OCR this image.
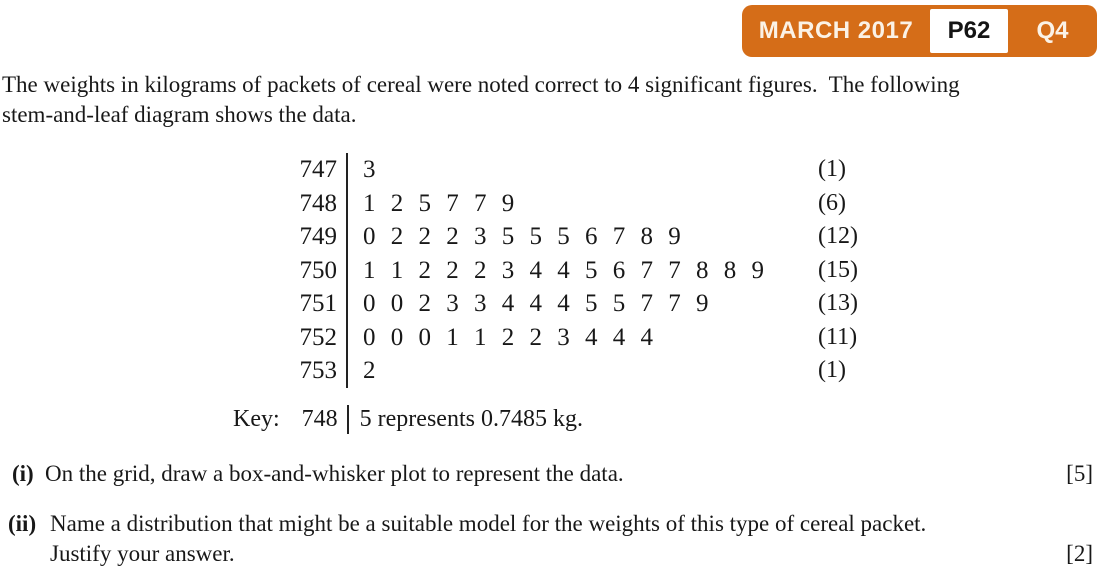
MARCH 2017	P62	Q4
The weights in kilograms of packets of cereal were noted correct to 4 significant figures.  The following
stem-and-leaf diagram shows the data.
747	3	(1)
748	1 2 5 7 7 9	(6)
749	0 2 2 2 3 5 5 5 6 7 8 9	(12)
750	1 1 2 2 2 3 4 4 5 6 7 7 8 8 9	(15)
751	0 0 2 3 3 4 4 4 5 5 7 7 9	(13)
752	0 0 0 1 1 2 2 3 4 4 4	(11)
753	2	(1)
Key: 748 5 represents 0.7485 kg.
(i) On the grid, draw a box-and-whisker plot to represent the data.	[5]
(ii) Name a distribution that might be a suitable model for the weights of this type of cereal packet.
Justify your answer.	[2]
